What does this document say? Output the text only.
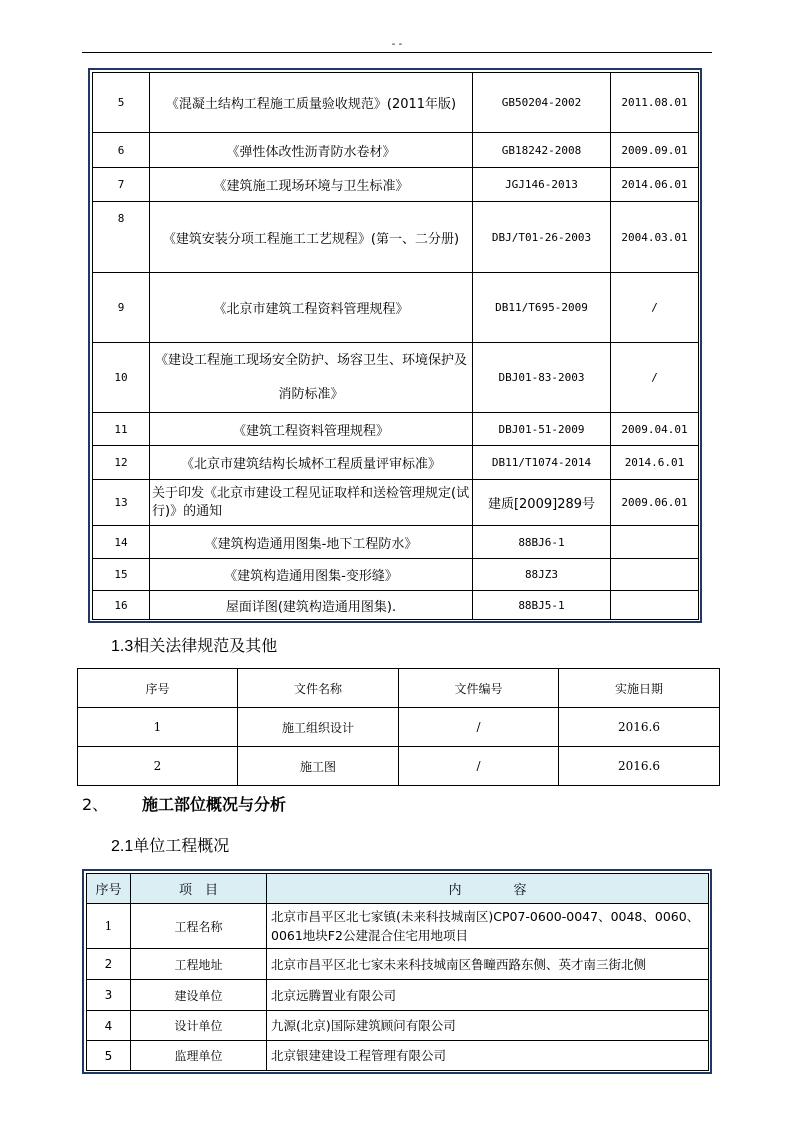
- -
5	《混凝土结构工程施工质量验收规范》(2011年版)	GB50204-2002	2011.08.01
6	《弹性体改性沥青防水卷材》	GB18242-2008	2009.09.01
7	《建筑施工现场环境与卫生标准》	JGJ146-2013	2014.06.01
8	《建筑安装分项工程施工工艺规程》(第一、二分册)	DBJ/T01-26-2003	2004.03.01
9	《北京市建筑工程资料管理规程》	DB11/T695-2009	/
10	《建设工程施工现场安全防护、场容卫生、环境保护及消防标准》	DBJ01-83-2003	/
11	《建筑工程资料管理规程》	DBJ01-51-2009	2009.04.01
12	《北京市建筑结构长城杯工程质量评审标准》	DB11/T1074-2014	2014.6.01
13	关于印发《北京市建设工程见证取样和送检管理规定(试行)》的通知	建质[2009]289号	2009.06.01
14	《建筑构造通用图集-地下工程防水》	88BJ6-1	
15	《建筑构造通用图集-变形缝》	88JZ3	
16	屋面详图(建筑构造通用图集).	88BJ5-1	
1.3相关法律规范及其他
序号	文件名称	文件编号	实施日期
1	施工组织设计	/	2016.6
2	施工图	/	2016.6
2、 施工部位概况与分析
2.1单位工程概况
序号	项　目	内　　　　容
1	工程名称	北京市昌平区北七家镇(未来科技城南区)CP07-0600-0047、0048、0060、0061地块F2公建混合住宅用地项目
2	工程地址	北京市昌平区北七家未来科技城南区鲁疃西路东侧、英才南三街北侧
3	建设单位	北京远腾置业有限公司
4	设计单位	九源(北京)国际建筑顾问有限公司
5	监理单位	北京银建建设工程管理有限公司
